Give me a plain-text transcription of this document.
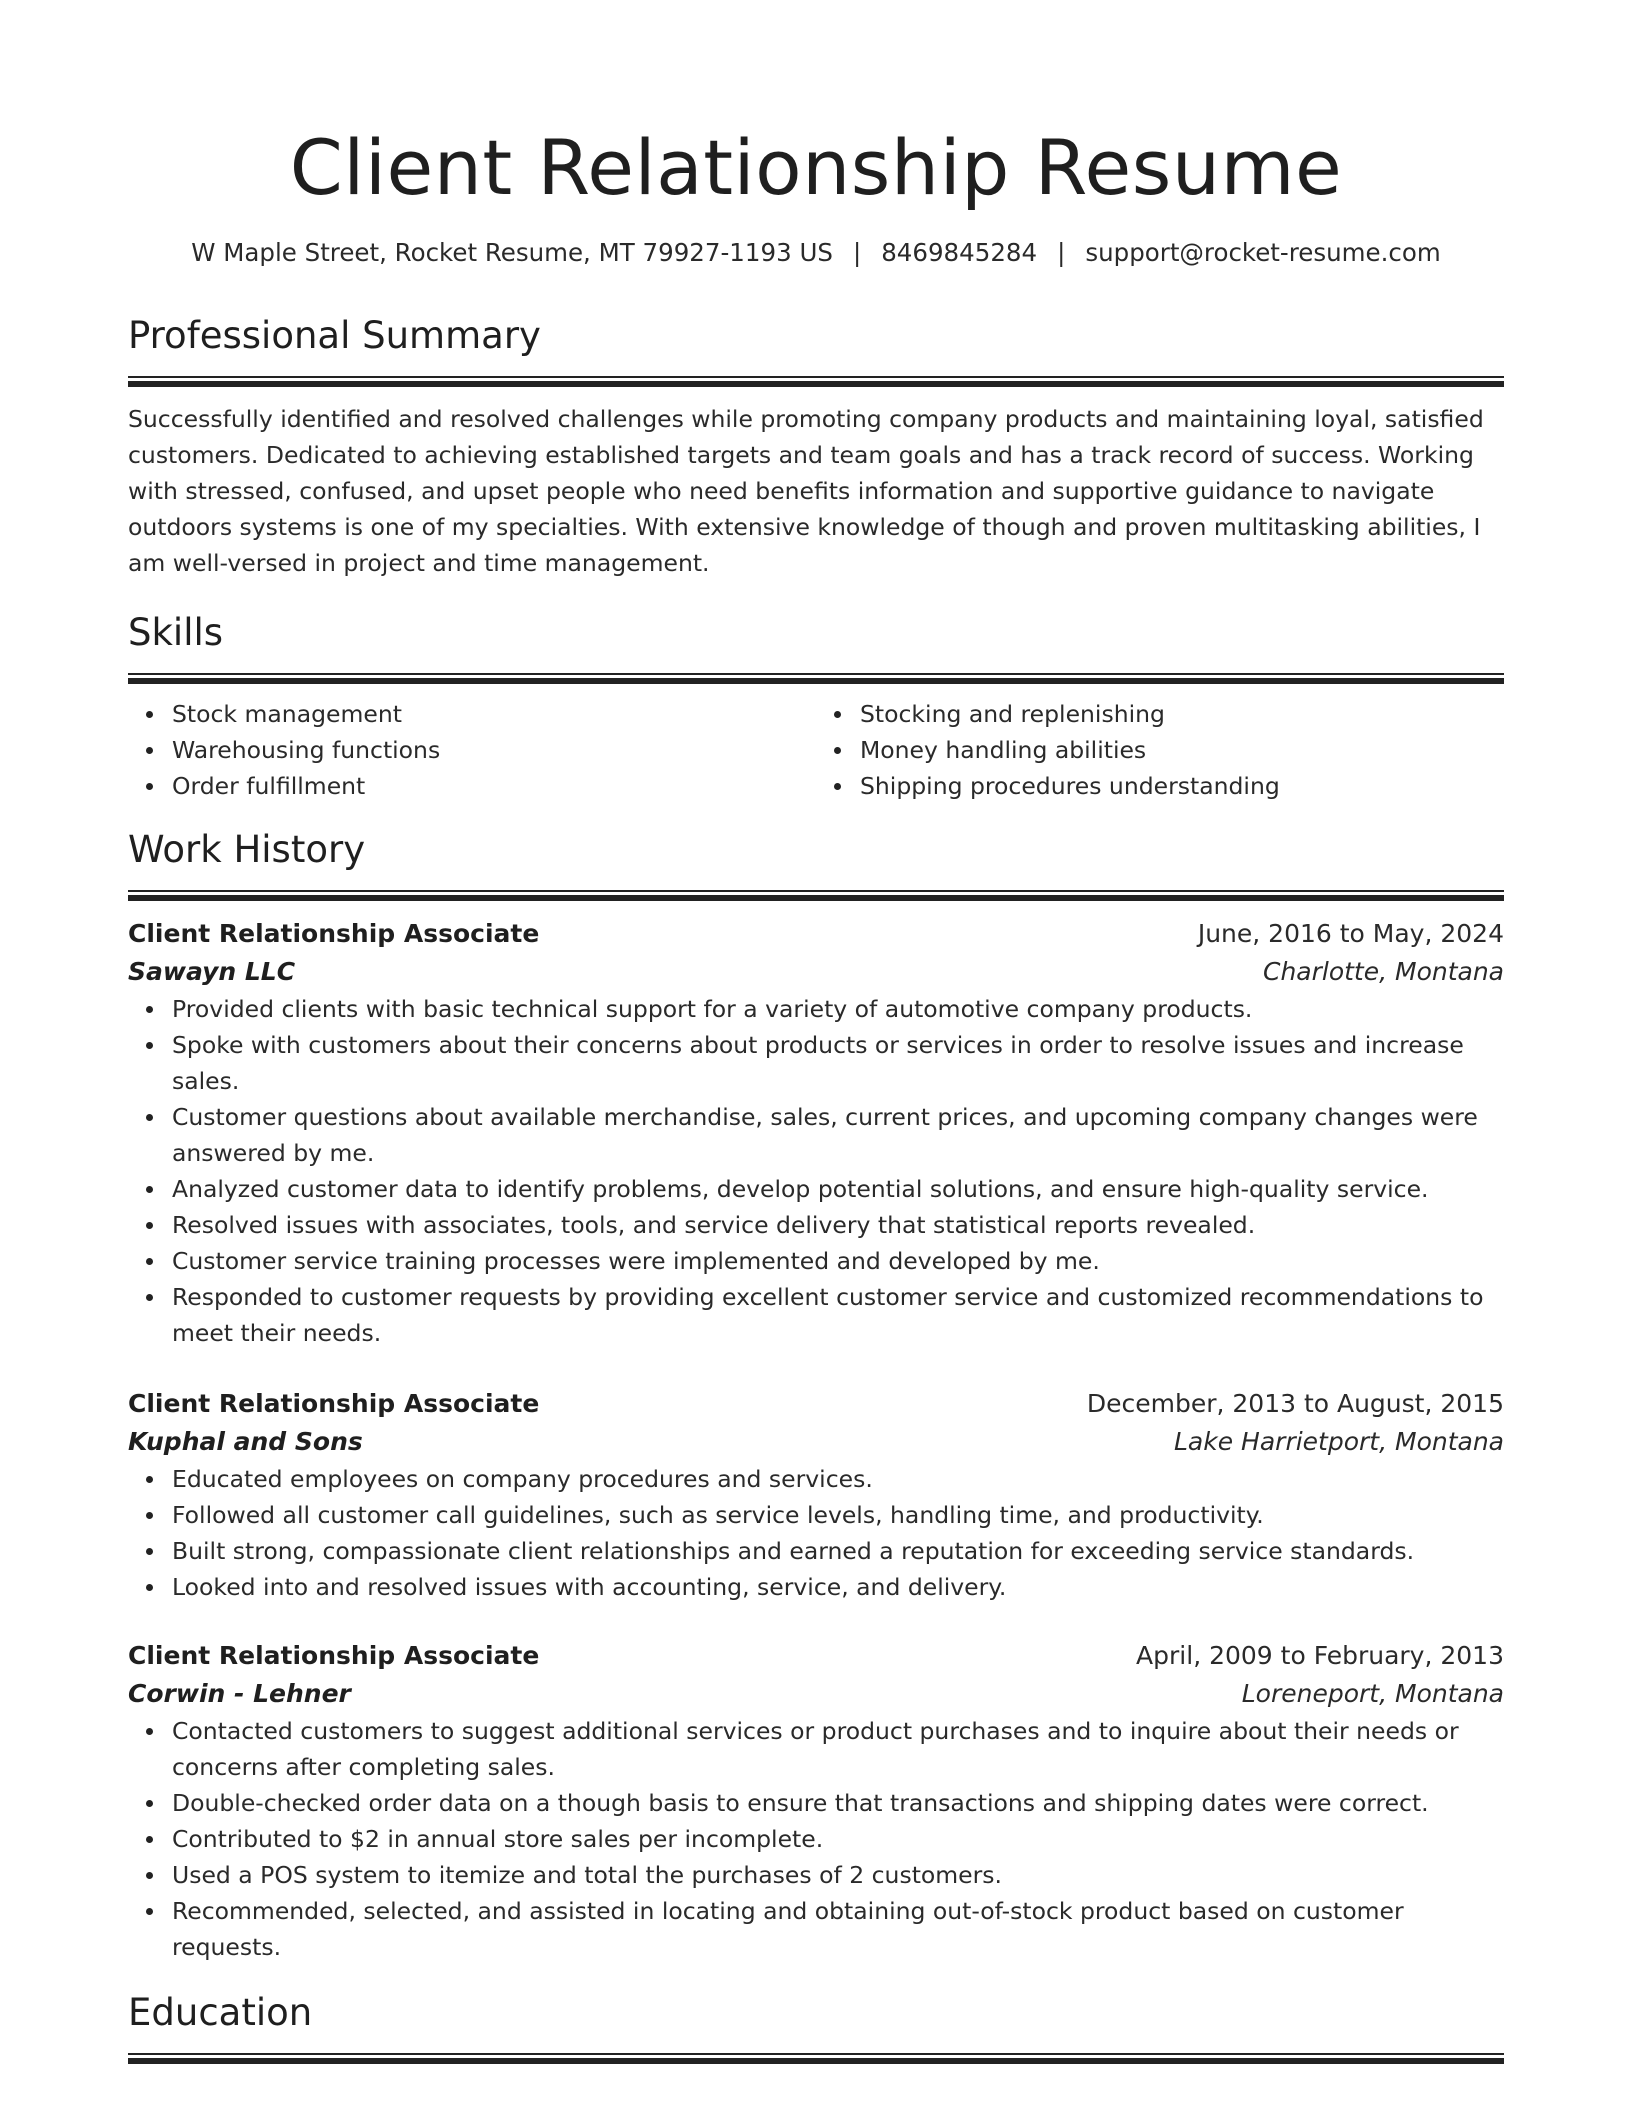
Client Relationship Resume
W Maple Street, Rocket Resume, MT 79927-1193 US | 8469845284 | support@rocket-resume.com
Professional Summary
Successfully identified and resolved challenges while promoting company products and maintaining loyal, satisfied customers. Dedicated to achieving established targets and team goals and has a track record of success. Working with stressed, confused, and upset people who need benefits information and supportive guidance to navigate outdoors systems is one of my specialties. With extensive knowledge of though and proven multitasking abilities, I am well-versed in project and time management.
Skills
Stock management
Warehousing functions
Order fulfillment
Stocking and replenishing
Money handling abilities
Shipping procedures understanding
Work History
Client Relationship Associate	June, 2016 to May, 2024
Sawayn LLC	Charlotte, Montana
Provided clients with basic technical support for a variety of automotive company products.
Spoke with customers about their concerns about products or services in order to resolve issues and increase sales.
Customer questions about available merchandise, sales, current prices, and upcoming company changes were answered by me.
Analyzed customer data to identify problems, develop potential solutions, and ensure high-quality service.
Resolved issues with associates, tools, and service delivery that statistical reports revealed.
Customer service training processes were implemented and developed by me.
Responded to customer requests by providing excellent customer service and customized recommendations to meet their needs.
Client Relationship Associate	December, 2013 to August, 2015
Kuphal and Sons	Lake Harrietport, Montana
Educated employees on company procedures and services.
Followed all customer call guidelines, such as service levels, handling time, and productivity.
Built strong, compassionate client relationships and earned a reputation for exceeding service standards.
Looked into and resolved issues with accounting, service, and delivery.
Client Relationship Associate	April, 2009 to February, 2013
Corwin - Lehner	Loreneport, Montana
Contacted customers to suggest additional services or product purchases and to inquire about their needs or concerns after completing sales.
Double-checked order data on a though basis to ensure that transactions and shipping dates were correct.
Contributed to $2 in annual store sales per incomplete.
Used a POS system to itemize and total the purchases of 2 customers.
Recommended, selected, and assisted in locating and obtaining out-of-stock product based on customer requests.
Education
